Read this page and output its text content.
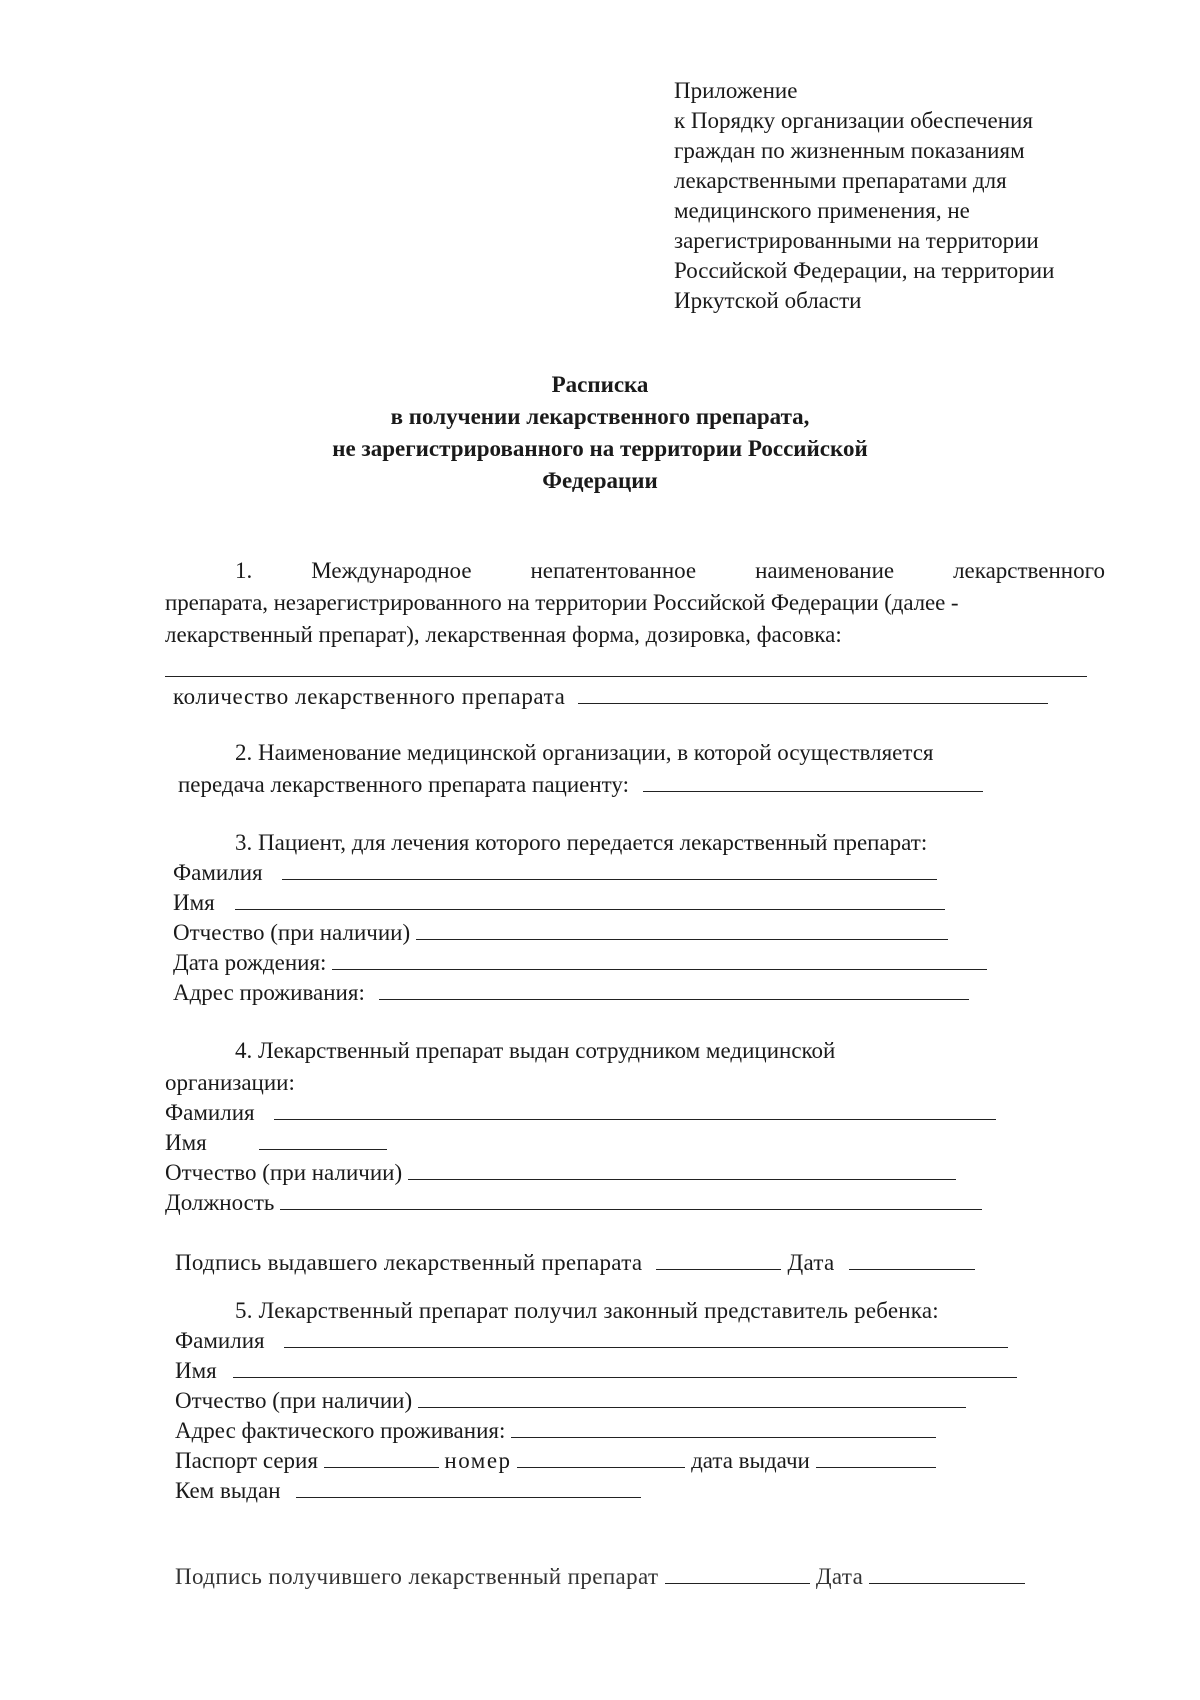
Приложение
к Порядку организации обеспечения
граждан по жизненным показаниям
лекарственными препаратами для
медицинского применения, не
зарегистрированными на территории
Российской Федерации, на территории
Иркутской области
Расписка
в получении лекарственного препарата,
не зарегистрированного на территории Российской
Федерации
1.	Международное	непатентованное	наименование	лекарственного
препарата, незарегистрированного на территории Российской Федерации (далее -
лекарственный препарат), лекарственная форма, дозировка, фасовка:
количество лекарственного препарата
2. Наименование медицинской организации, в которой осуществляется
передача лекарственного препарата пациенту:
3. Пациент, для лечения которого передается лекарственный препарат:
Фамилия
Имя
Отчество (при наличии)
Дата рождения:
Адрес проживания:
4. Лекарственный препарат выдан сотрудником медицинской
организации:
Фамилия
Имя
Отчество (при наличии)
Должность
Подпись выдавшего лекарственный препарата	Дата
5. Лекарственный препарат получил законный представитель ребенка:
Фамилия
Имя
Отчество (при наличии)
Адрес фактического проживания:
Паспорт серия	номер	дата выдачи
Кем выдан
Подпись получившего лекарственный препарат	Дата
